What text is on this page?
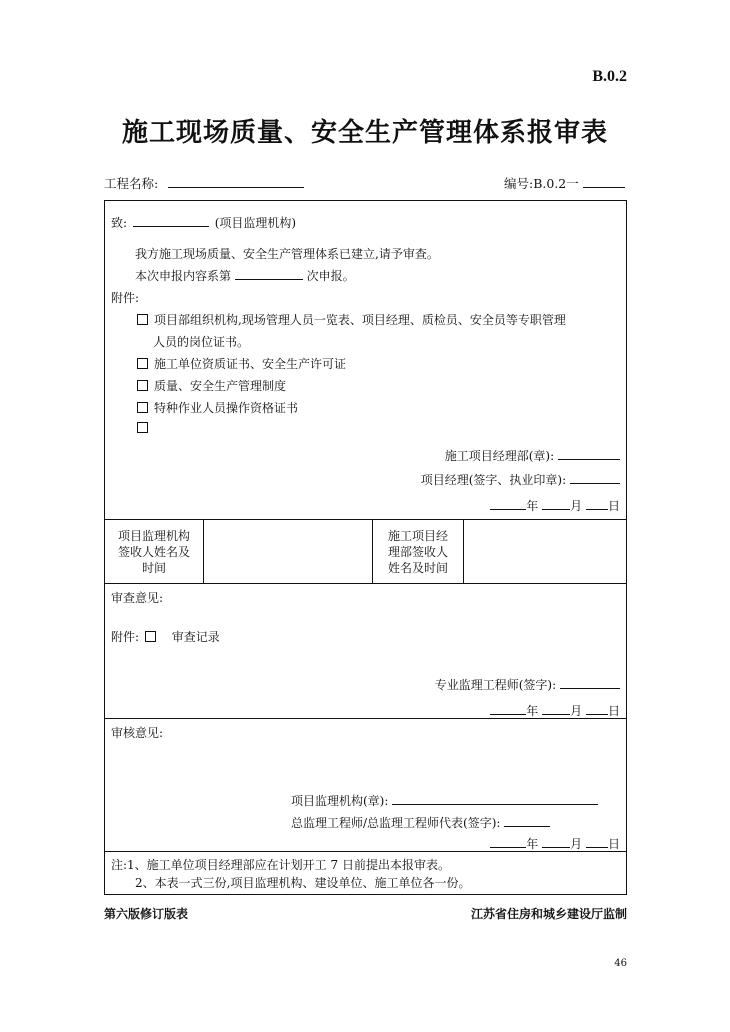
B.0.2
施工现场质量、安全生产管理体系报审表
工程名称:	编号:B.0.2一
致:	(项目监理机构)
我方施工现场质量、安全生产管理体系已建立,请予审查。
本次申报内容系第	次申报。
附件:
项目部组织机构,现场管理人员一览表、项目经理、质检员、安全员等专职管理
人员的岗位证书。
施工单位资质证书、安全生产许可证
质量、安全生产管理制度
特种作业人员操作资格证书
施工项目经理部(章):
项目经理(签字、执业印章):
年	月 日

项目监理机构
签收人姓名及
时间

施工项目经
理部签收人
姓名及时间

审查意见:
附件:	审查记录
专业监理工程师(签字):
年	月 日

审核意见:
项目监理机构(章):
总监理工程师/总监理工程师代表(签字):
年	月 日

注:1、施工单位项目经理部应在计划开工 7 日前提出本报审表。
2、本表一式三份,项目监理机构、建设单位、施工单位各一份。
第六版修订版表	江苏省住房和城乡建设厅监制
46
